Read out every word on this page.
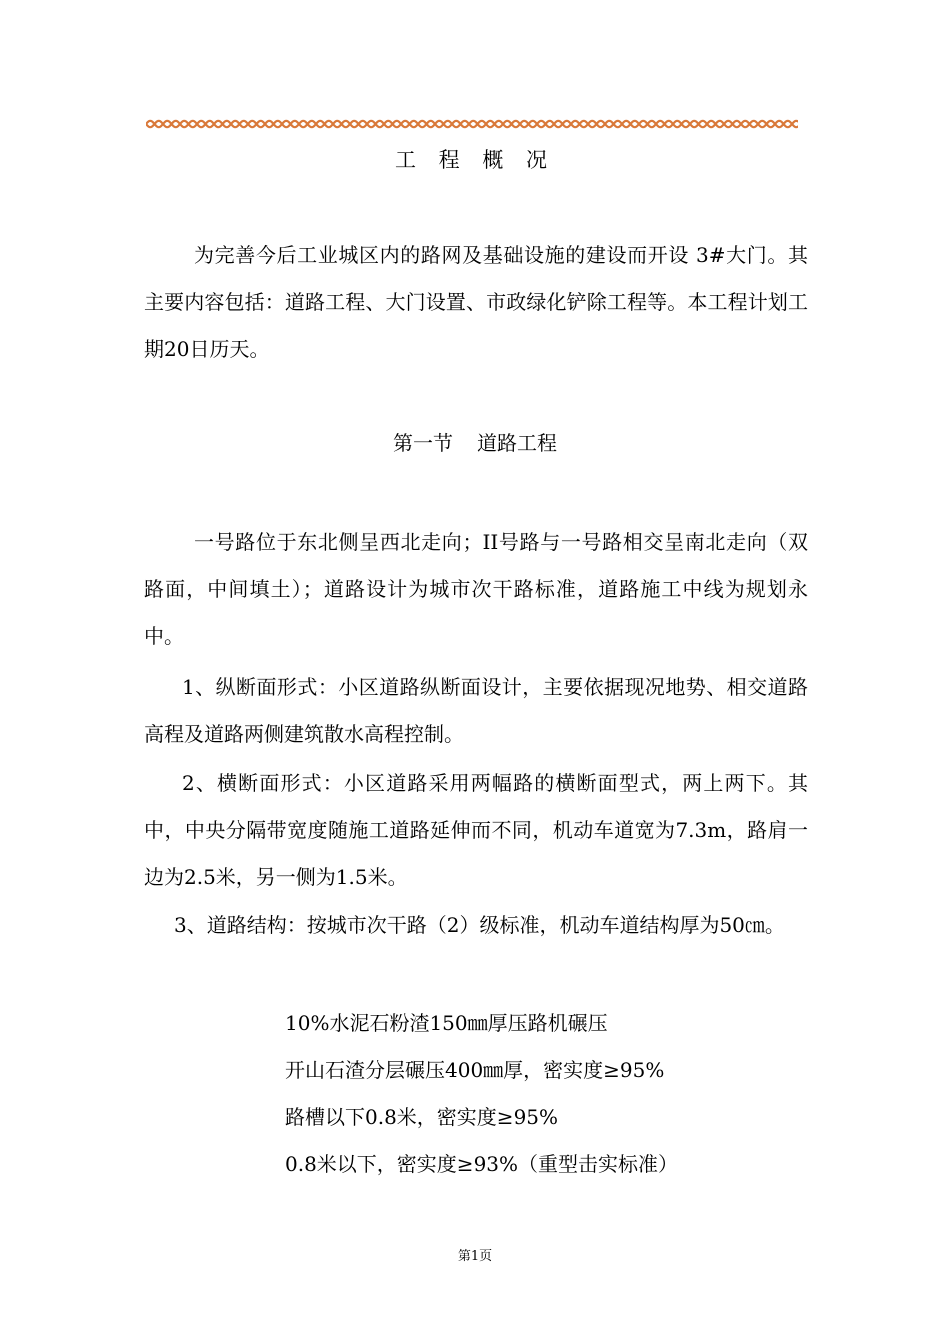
工 程 概 况
为完善今后工业城区内的路网及基础设施的建设而开设 3#大门。其主要内容包括：道路工程、大门设置、市政绿化铲除工程等。本工程计划工期20日历天。
第一节 道路工程
一号路位于东北侧呈西北走向；II号路与一号路相交呈南北走向（双路面，中间填土）；道路设计为城市次干路标准，道路施工中线为规划永中。
1、纵断面形式：小区道路纵断面设计，主要依据现况地势、相交道路高程及道路两侧建筑散水高程控制。
2、横断面形式：小区道路采用两幅路的横断面型式，两上两下。其中，中央分隔带宽度随施工道路延伸而不同，机动车道宽为7.3m，路肩一边为2.5米，另一侧为1.5米。
3、道路结构：按城市次干路（2）级标准，机动车道结构厚为50㎝。
10%水泥石粉渣150㎜厚压路机碾压
开山石渣分层碾压400㎜厚，密实度≥95%
路槽以下0.8米，密实度≥95%
0.8米以下，密实度≥93%（重型击实标准）
第1页
